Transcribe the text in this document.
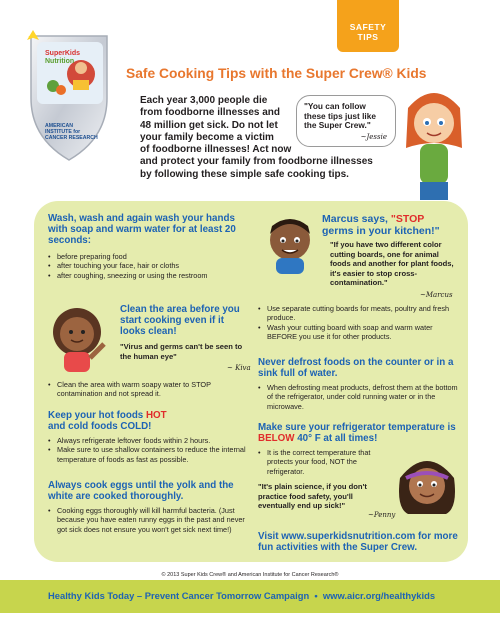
SAFETY
TIPS
SuperKids
Nutrition
AMERICAN INSTITUTE for CANCER RESEARCH
Safe Cooking Tips with the Super Crew® Kids
Each year 3,000 people die
from foodborne illnesses and
48 million get sick. Do not let
your family become a victim
of foodborne illnesses! Act now
and protect your family from foodborne illnesses
by following these simple safe cooking tips.
"You can follow these tips just like the Super Crew."
~Jessie
Wash, wash and again wash your hands with soap and warm water for at least 20 seconds:
• before preparing food
• after touching your face, hair or cloths
• after coughing, sneezing or using the restroom
Clean the area before you start cooking even if it looks clean!
"Virus and germs can't be seen to the human eye"
~ Kiva
• Clean the area with warm soapy water to STOP contamination and not spread it.
Keep your hot foods HOT
and cold foods COLD!
• Always refrigerate leftover foods within 2 hours.
• Make sure to use shallow containers to reduce the internal temperature of foods as fast as possible.
Always cook eggs until the yolk and the white are cooked thoroughly.
• Cooking eggs thoroughly will kill harmful bacteria. (Just because you have eaten runny eggs in the past and never got sick does not ensure you won't get sick next time!)
Marcus says, "STOP
germs in your kitchen!"
"If you have two different color cutting boards, one for animal foods and another for plant foods, it's easier to stop cross-contamination."
~Marcus
• Use separate cutting boards for meats, poultry and fresh produce.
• Wash your cutting board with soap and warm water BEFORE you use it for other products.
Never defrost foods on the counter or in a sink full of water.
• When defrosting meat products, defrost them at the bottom of the refrigerator, under cold running water or in the microwave.
Make sure your refrigerator temperature is BELOW 40° F at all times!
• It is the correct temperature that protects your food, NOT the refrigerator.
"It's plain science, if you don't practice food safety, you'll eventually end up sick!"
~Penny
Visit www.superkidsnutrition.com for more fun activities with the Super Crew.
© 2013 Super Kids Crew® and American Institute for Cancer Research®
Healthy Kids Today – Prevent Cancer Tomorrow Campaign  •  www.aicr.org/healthykids
